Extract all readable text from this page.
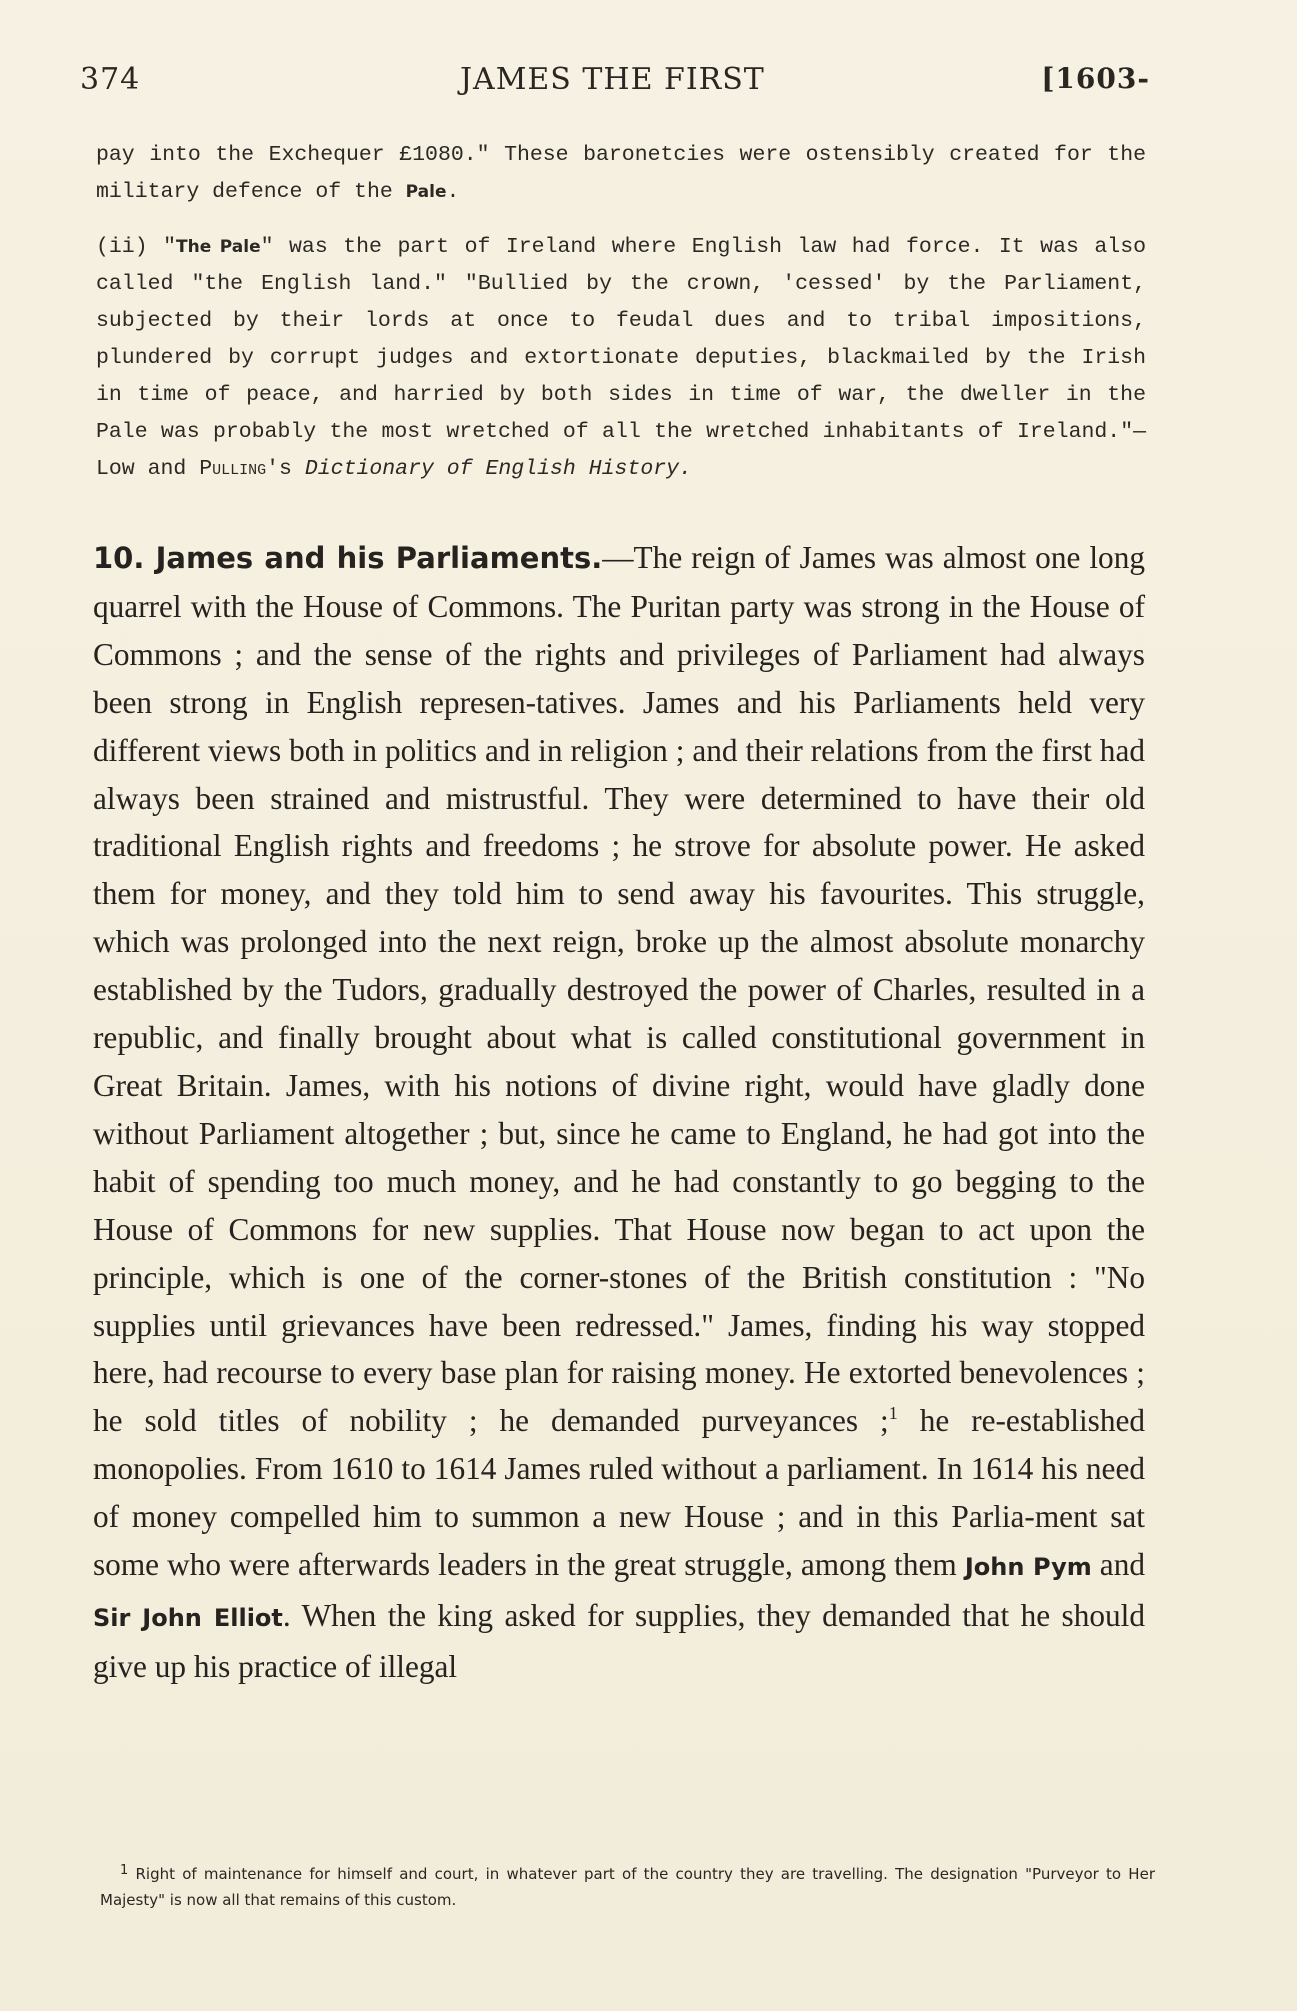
374	JAMES THE FIRST	[1603-
pay into the Exchequer £1080." These baronetcies were ostensibly created for the military defence of the Pale.
(ii) "The Pale" was the part of Ireland where English law had force. It was also called "the English land." "Bullied by the crown, 'cessed' by the Parliament, subjected by their lords at once to feudal dues and to tribal impositions, plundered by corrupt judges and extortionate deputies, blackmailed by the Irish in time of peace, and harried by both sides in time of war, the dweller in the Pale was probably the most wretched of all the wretched inhabitants of Ireland."—Low and Pulling's Dictionary of English History.
10. James and his Parliaments.—The reign of James was almost one long quarrel with the House of Commons. The Puritan party was strong in the House of Commons ; and the sense of the rights and privileges of Parliament had always been strong in English represen-tatives. James and his Parliaments held very different views both in politics and in religion ; and their relations from the first had always been strained and mistrustful. They were determined to have their old traditional English rights and freedoms ; he strove for absolute power. He asked them for money, and they told him to send away his favourites. This struggle, which was prolonged into the next reign, broke up the almost absolute monarchy established by the Tudors, gradually destroyed the power of Charles, resulted in a republic, and finally brought about what is called constitutional government in Great Britain. James, with his notions of divine right, would have gladly done without Parliament altogether ; but, since he came to England, he had got into the habit of spending too much money, and he had constantly to go begging to the House of Commons for new supplies. That House now began to act upon the principle, which is one of the corner-stones of the British constitution : "No supplies until grievances have been redressed." James, finding his way stopped here, had recourse to every base plan for raising money. He extorted benevolences ; he sold titles of nobility ; he demanded purveyances ;$^1$ he re-established monopolies. From 1610 to 1614 James ruled without a parliament. In 1614 his need of money compelled him to summon a new House ; and in this Parlia-ment sat some who were afterwards leaders in the great struggle, among them John Pym and Sir John Elliot. When the king asked for supplies, they demanded that he should give up his practice of illegal
1 Right of maintenance for himself and court, in whatever part of the country they are travelling. The designation "Purveyor to Her Majesty" is now all that remains of this custom.
